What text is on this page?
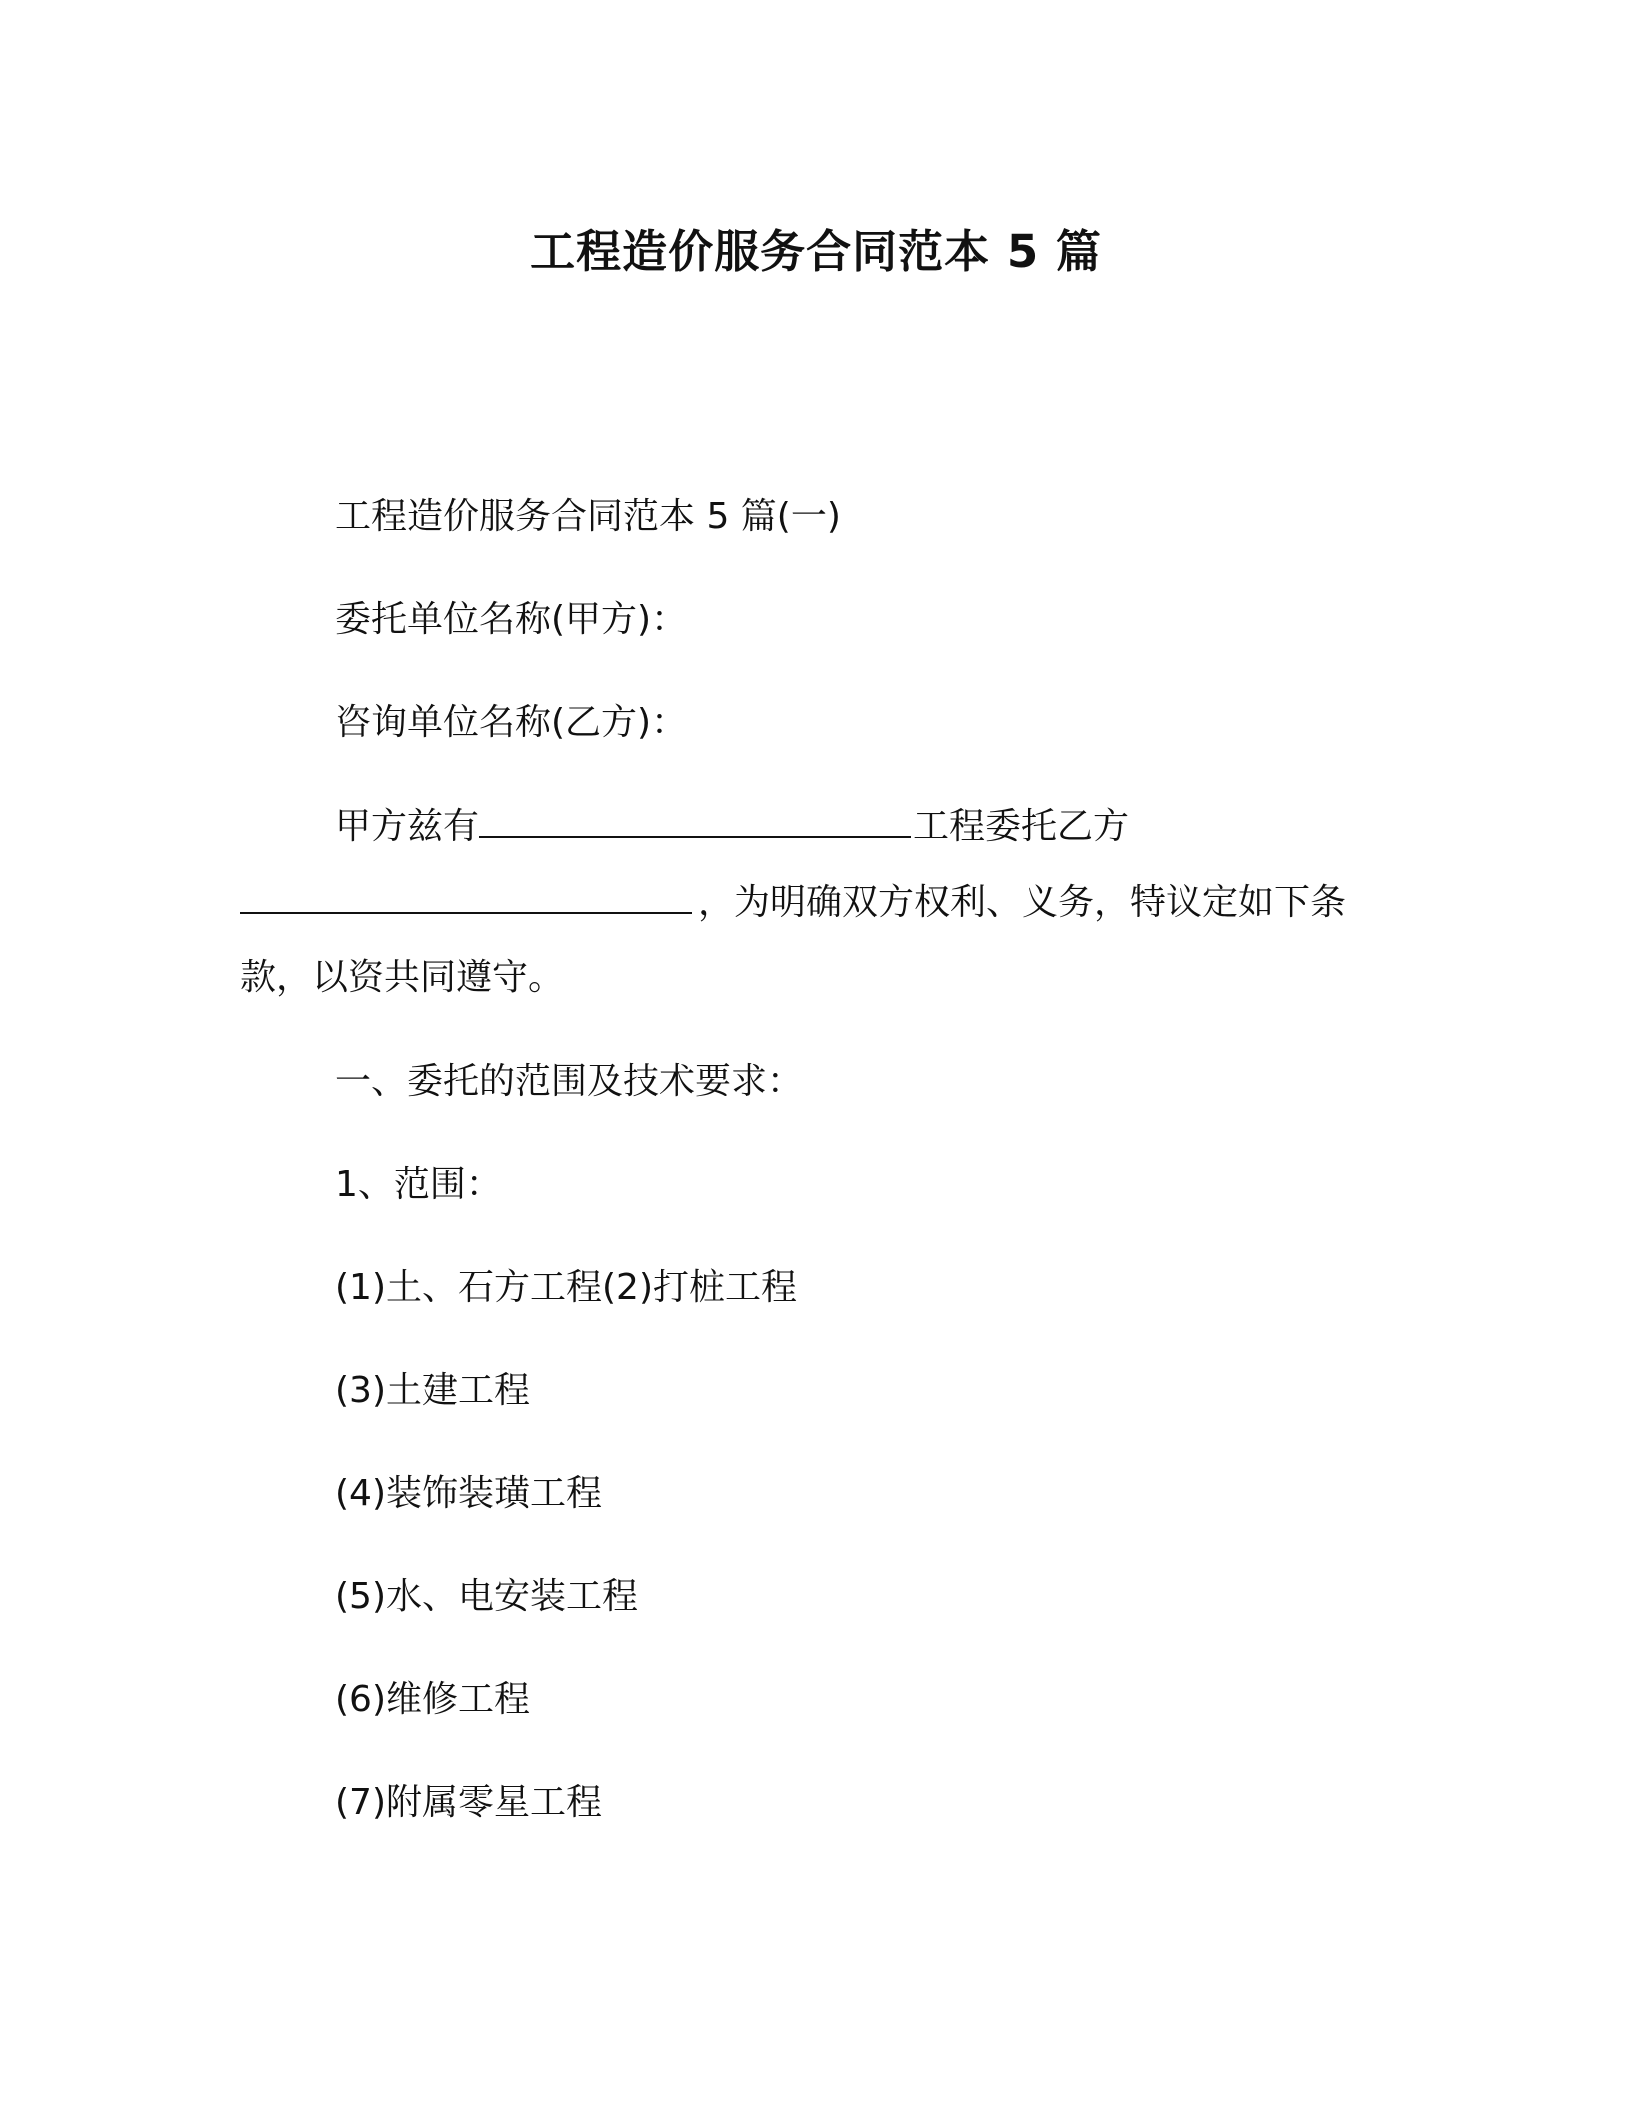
工程造价服务合同范本 5 篇
工程造价服务合同范本 5 篇(一)
委托单位名称(甲方)：
咨询单位名称(乙方)：
甲方兹有	工程委托乙方
，为明确双方权利、义务，特议定如下条
款，以资共同遵守。
一、委托的范围及技术要求：
1、范围：
(1)土、石方工程(2)打桩工程
(3)土建工程
(4)装饰装璜工程
(5)水、电安装工程
(6)维修工程
(7)附属零星工程
